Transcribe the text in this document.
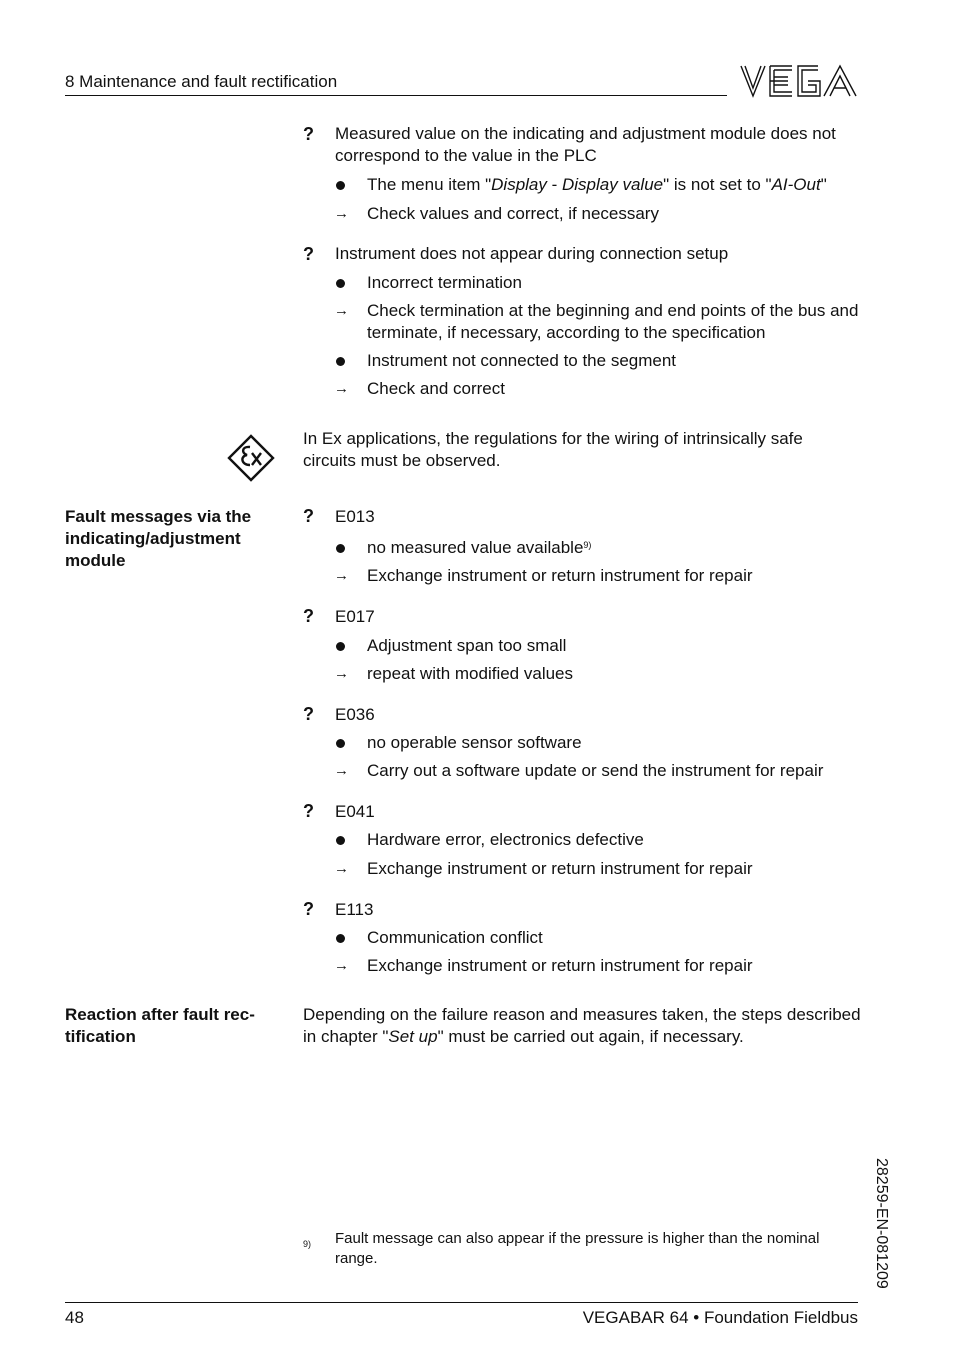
8 Maintenance and fault rectification
? Measured value on the indicating and adjustment module does not correspond to the value in the PLC
The menu item "Display - Display value" is not set to "AI-Out"
→ Check values and correct, if necessary
? Instrument does not appear during connection setup
Incorrect termination
→ Check termination at the beginning and end points of the bus and terminate, if necessary, according to the specification
Instrument not connected to the segment
→ Check and correct
In Ex applications, the regulations for the wiring of intrinsically safe circuits must be observed.
Fault messages via the indicating/adjustment module
? E013
no measured value available$^{9)}$
→ Exchange instrument or return instrument for repair
? E017
Adjustment span too small
→ repeat with modified values
? E036
no operable sensor software
→ Carry out a software update or send the instrument for repair
? E041
Hardware error, electronics defective
→ Exchange instrument or return instrument for repair
? E113
Communication conflict
→ Exchange instrument or return instrument for repair
Reaction after fault rec-tification
Depending on the failure reason and measures taken, the steps described in chapter "Set up" must be carried out again, if necessary.
28259-EN-081209
9) Fault message can also appear if the pressure is higher than the nominal range.
48	VEGABAR 64 • Foundation Fieldbus
